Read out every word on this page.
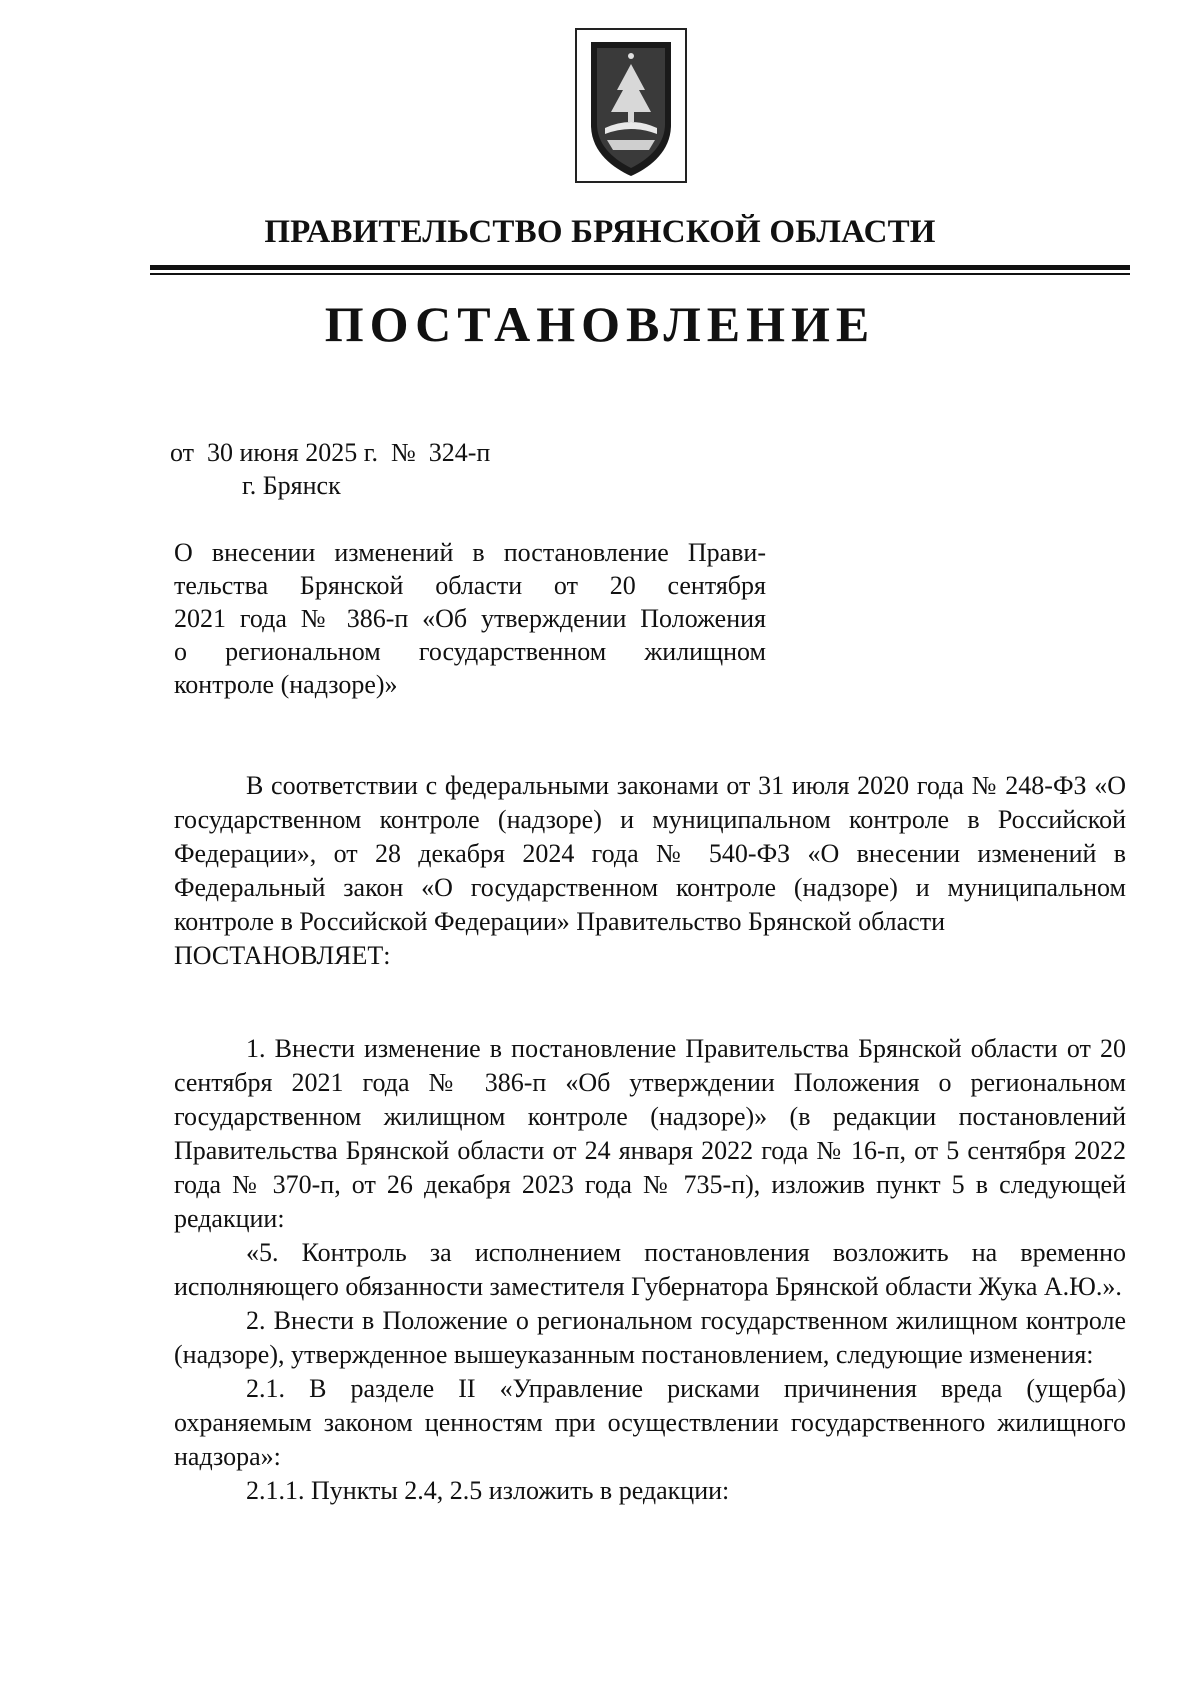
ПРАВИТЕЛЬСТВО БРЯНСКОЙ ОБЛАСТИ
ПОСТАНОВЛЕНИЕ
от  30 июня 2025 г.  №  324-п
г. Брянск
О внесении изменений в постановление Прави-
тельства Брянской области от 20 сентября
2021 года № 386-п «Об утверждении Положения
о региональном государственном жилищном
контроле (надзоре)»

В соответствии с федеральными законами от 31 июля 2020 года № 248-ФЗ «О государственном контроле (надзоре) и муниципальном контроле в Российской Федерации», от 28 декабря 2024 года № 540-ФЗ «О внесении изменений в Федеральный закон «О государственном контроле (надзоре) и муниципальном контроле в Российской Федерации» Правительство Брянской области

ПОСТАНОВЛЯЕТ:

1. Внести изменение в постановление Правительства Брянской области от 20 сентября 2021 года № 386-п «Об утверждении Положения о региональном государственном жилищном контроле (надзоре)» (в редакции постановлений Правительства Брянской области от 24 января 2022 года № 16-п, от 5 сентября 2022 года № 370-п, от 26 декабря 2023 года № 735-п), изложив пункт 5 в следующей редакции:

«5. Контроль за исполнением постановления возложить на временно исполняющего обязанности заместителя Губернатора Брянской области Жука А.Ю.».

2. Внести в Положение о региональном государственном жилищном контроле (надзоре), утвержденное вышеуказанным постановлением, следующие изменения:

2.1. В разделе II «Управление рисками причинения вреда (ущерба) охраняемым законом ценностям при осуществлении государственного жилищного надзора»:

2.1.1. Пункты 2.4, 2.5 изложить в редакции:
